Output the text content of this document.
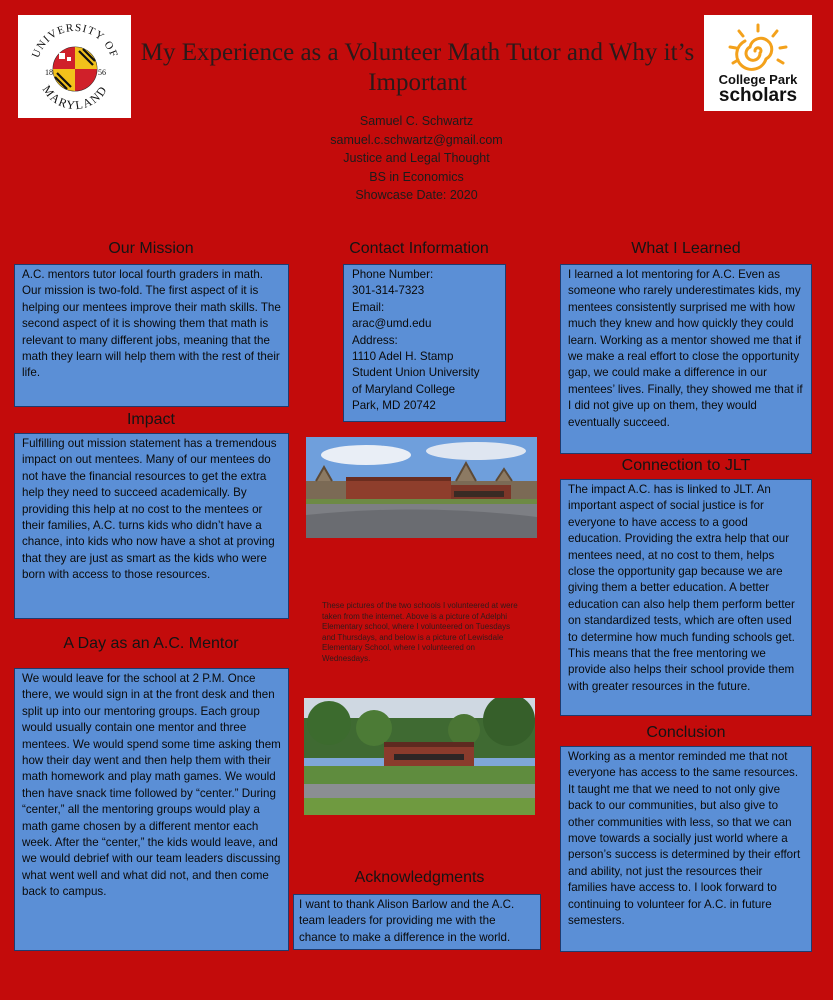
UNIVERSITY OF
MARYLAND
18	56	College Park
scholars
My Experience as a Volunteer Math Tutor and Why it’s Important
Samuel C. Schwartz
samuel.c.schwartz@gmail.com
Justice and Legal Thought
BS in Economics
Showcase Date: 2020
Our Mission
A.C. mentors tutor local fourth graders in math. Our mission is two-fold. The first aspect of it is helping our mentees improve their math skills. The second aspect of it is showing them that math is relevant to many different jobs, meaning that the math they learn will help them with the rest of their life.
Impact
Fulfilling out mission statement has a tremendous impact on out mentees. Many of our mentees do not have the financial resources to get the extra help they need to succeed academically. By providing this help at no cost to the mentees or their families, A.C. turns kids who didn’t have a chance, into kids who now have a shot at proving that they are just as smart as the kids who were born with access to those resources.
A Day as an A.C. Mentor
We would leave for the school at 2 P.M. Once there, we would sign in at the front desk and then split up into our mentoring groups. Each group would usually contain one mentor and three mentees. We would spend some time asking them how their day went and then help them with their math homework and play math games. We would then have snack time followed by “center.” During “center,” all the mentoring groups would play a math game chosen by a different mentor each week. After the “center,” the kids would leave, and we would debrief with our team leaders discussing what went well and what did not, and then come back to campus.
Contact Information
Phone Number:
301-314-7323
Email:
arac@umd.edu
Address:
1110 Adel H. Stamp
Student Union University
of Maryland College
Park, MD 20742
These pictures of the two schools I volunteered at were taken from the internet. Above is a picture of Adelphi Elementary school, where I volunteered on Tuesdays and Thursdays, and below is a picture of Lewisdale Elementary School, where I volunteered on Wednesdays.
Acknowledgments
I want to thank Alison Barlow and the A.C. team leaders for providing me with the chance to make a difference in the world.
What I Learned
I learned a lot mentoring for A.C. Even as someone who rarely underestimates kids, my mentees consistently surprised me with how much they knew and how quickly they could learn. Working as a mentor showed me that if we make a real effort to close the opportunity gap, we could make a difference in our mentees’ lives. Finally, they showed me that if I did not give up on them, they would eventually succeed.
Connection to JLT
The impact A.C. has is linked to JLT. An important aspect of social justice is for everyone to have access to a good education. Providing the extra help that our mentees need, at no cost to them, helps close the opportunity gap because we are giving them a better education. A better education can also help them perform better on standardized tests, which are often used to determine how much funding schools get. This means that the free mentoring we provide also helps their school provide them with greater resources in the future.
Conclusion
Working as a mentor reminded me that not everyone has access to the same resources. It taught me that we need to not only give back to our communities, but also give to other communities with less, so that we can move towards a socially just world where a person’s success is determined by their effort and ability, not just the resources their families have access to. I look forward to continuing to volunteer for A.C. in future semesters.
